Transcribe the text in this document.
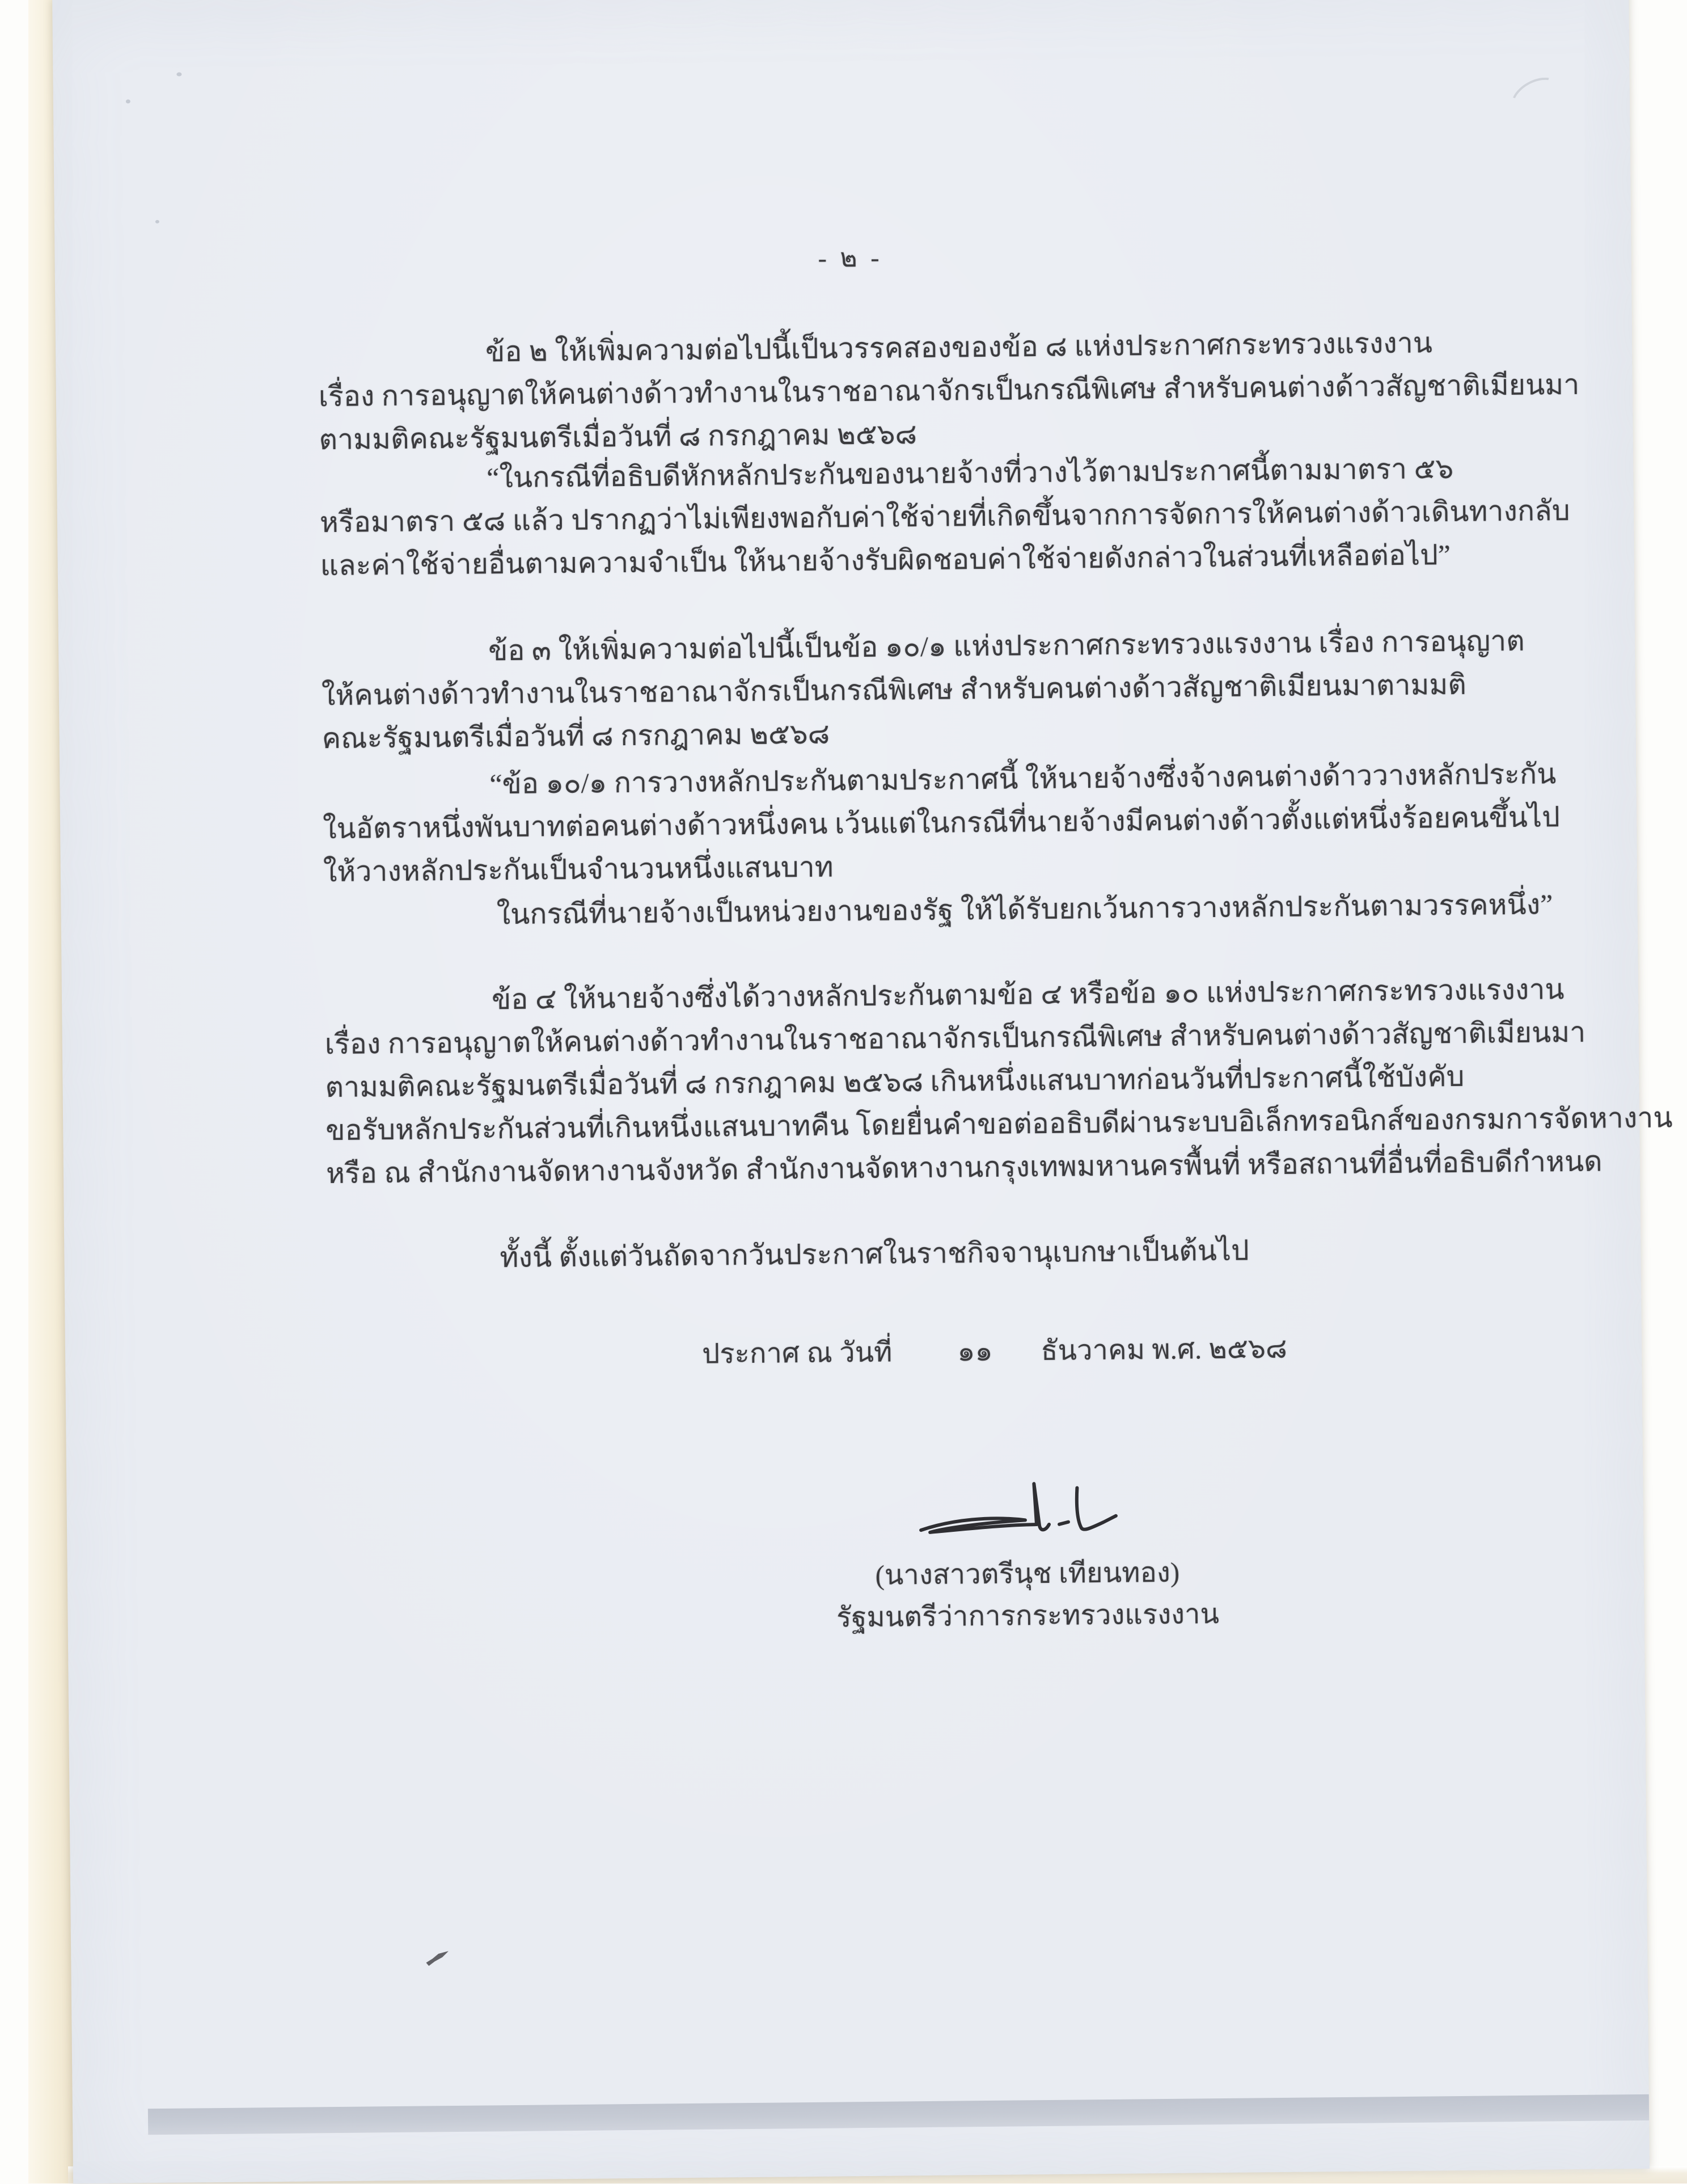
- ๒ -
ข้อ ๒ ให้เพิ่มความต่อไปนี้เป็นวรรคสองของข้อ ๘ แห่งประกาศกระทรวงแรงงาน
เรื่อง การอนุญาตให้คนต่างด้าวทำงานในราชอาณาจักรเป็นกรณีพิเศษ สำหรับคนต่างด้าวสัญชาติเมียนมา
ตามมติคณะรัฐมนตรีเมื่อวันที่ ๘ กรกฎาคม ๒๕๖๘
“ในกรณีที่อธิบดีหักหลักประกันของนายจ้างที่วางไว้ตามประกาศนี้ตามมาตรา ๕๖
หรือมาตรา ๕๘ แล้ว ปรากฏว่าไม่เพียงพอกับค่าใช้จ่ายที่เกิดขึ้นจากการจัดการให้คนต่างด้าวเดินทางกลับ
และค่าใช้จ่ายอื่นตามความจำเป็น ให้นายจ้างรับผิดชอบค่าใช้จ่ายดังกล่าวในส่วนที่เหลือต่อไป”
ข้อ ๓ ให้เพิ่มความต่อไปนี้เป็นข้อ ๑๐/๑ แห่งประกาศกระทรวงแรงงาน เรื่อง การอนุญาต
ให้คนต่างด้าวทำงานในราชอาณาจักรเป็นกรณีพิเศษ สำหรับคนต่างด้าวสัญชาติเมียนมาตามมติ
คณะรัฐมนตรีเมื่อวันที่ ๘ กรกฎาคม ๒๕๖๘
“ข้อ ๑๐/๑ การวางหลักประกันตามประกาศนี้ ให้นายจ้างซึ่งจ้างคนต่างด้าววางหลักประกัน
ในอัตราหนึ่งพันบาทต่อคนต่างด้าวหนึ่งคน เว้นแต่ในกรณีที่นายจ้างมีคนต่างด้าวตั้งแต่หนึ่งร้อยคนขึ้นไป
ให้วางหลักประกันเป็นจำนวนหนึ่งแสนบาท
ในกรณีที่นายจ้างเป็นหน่วยงานของรัฐ ให้ได้รับยกเว้นการวางหลักประกันตามวรรคหนึ่ง”
ข้อ ๔ ให้นายจ้างซึ่งได้วางหลักประกันตามข้อ ๔ หรือข้อ ๑๐ แห่งประกาศกระทรวงแรงงาน
เรื่อง การอนุญาตให้คนต่างด้าวทำงานในราชอาณาจักรเป็นกรณีพิเศษ สำหรับคนต่างด้าวสัญชาติเมียนมา
ตามมติคณะรัฐมนตรีเมื่อวันที่ ๘ กรกฎาคม ๒๕๖๘ เกินหนึ่งแสนบาทก่อนวันที่ประกาศนี้ใช้บังคับ
ขอรับหลักประกันส่วนที่เกินหนึ่งแสนบาทคืน โดยยื่นคำขอต่ออธิบดีผ่านระบบอิเล็กทรอนิกส์ของกรมการจัดหางาน
หรือ ณ สำนักงานจัดหางานจังหวัด สำนักงานจัดหางานกรุงเทพมหานครพื้นที่ หรือสถานที่อื่นที่อธิบดีกำหนด
ทั้งนี้ ตั้งแต่วันถัดจากวันประกาศในราชกิจจานุเบกษาเป็นต้นไป
ประกาศ ณ วันที่ ๑๑ ธันวาคม พ.ศ. ๒๕๖๘
(นางสาวตรีนุช เทียนทอง)
รัฐมนตรีว่าการกระทรวงแรงงาน
